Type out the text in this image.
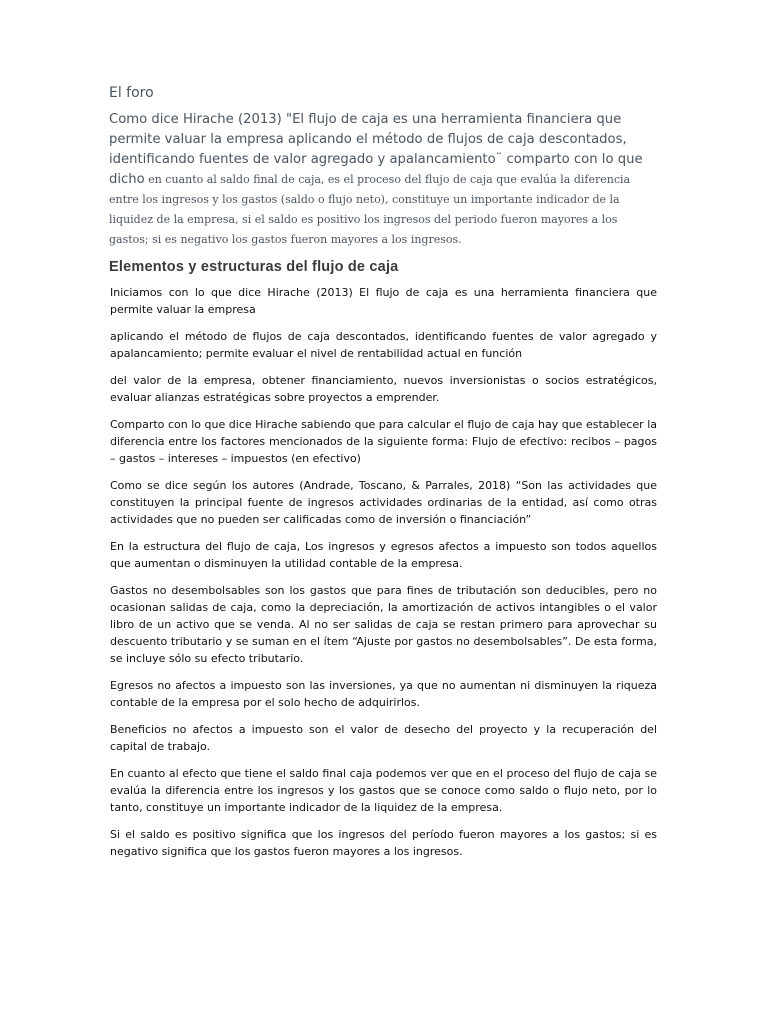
El foro

Como dice Hirache (2013) "El flujo de caja es una herramienta financiera que permite valuar la empresa aplicando el método de flujos de caja descontados, identificando fuentes de valor agregado y apalancamiento¨ comparto con lo que dicho en cuanto al saldo final de caja, es el proceso del flujo de caja que evalúa la diferencia entre los ingresos y los gastos (saldo o flujo neto), constituye un importante indicador de la liquidez de la empresa, si el saldo es positivo los ingresos del periodo fueron mayores a los gastos; si es negativo los gastos fueron mayores a los ingresos.

Elementos y estructuras del flujo de caja

Iniciamos con lo que dice Hirache (2013) El flujo de caja es una herramienta financiera que permite valuar la empresa

aplicando el método de flujos de caja descontados, identificando fuentes de valor agregado y apalancamiento; permite evaluar el nivel de rentabilidad actual en función

del valor de la empresa, obtener financiamiento, nuevos inversionistas o socios estratégicos, evaluar alianzas estratégicas sobre proyectos a emprender.

Comparto con lo que dice Hirache sabiendo que para calcular el flujo de caja hay que establecer la diferencia entre los factores mencionados de la siguiente forma: Flujo de efectivo: recibos – pagos – gastos – intereses – impuestos (en efectivo)

Como se dice según los autores (Andrade, Toscano, & Parrales, 2018) “Son las actividades que constituyen la principal fuente de ingresos actividades ordinarias de la entidad, así como otras actividades que no pueden ser calificadas como de inversión o financiación”

En la estructura del flujo de caja, Los ingresos y egresos afectos a impuesto son todos aquellos que aumentan o disminuyen la utilidad contable de la empresa.

Gastos no desembolsables son los gastos que para fines de tributación son deducibles, pero no ocasionan salidas de caja, como la depreciación, la amortización de activos intangibles o el valor libro de un activo que se venda. Al no ser salidas de caja se restan primero para aprovechar su descuento tributario y se suman en el ítem “Ajuste por gastos no desembolsables”. De esta forma, se incluye sólo su efecto tributario.

Egresos no afectos a impuesto son las inversiones, ya que no aumentan ni disminuyen la riqueza contable de la empresa por el solo hecho de adquirirlos.

Beneficios no afectos a impuesto son el valor de desecho del proyecto y la recuperación del capital de trabajo.

En cuanto al efecto que tiene el saldo final caja podemos ver que en el proceso del flujo de caja se evalúa la diferencia entre los ingresos y los gastos que se conoce como saldo o flujo neto, por lo tanto, constituye un importante indicador de la liquidez de la empresa.

Si el saldo es positivo significa que los ingresos del período fueron mayores a los gastos; si es negativo significa que los gastos fueron mayores a los ingresos.
